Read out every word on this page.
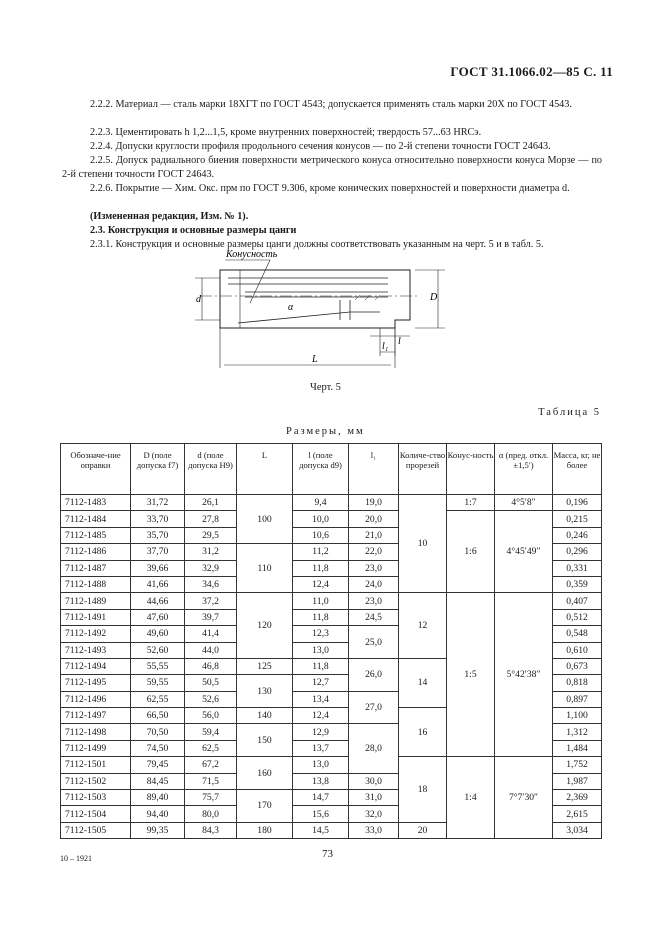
ГОСТ 31.1066.02—85 С. 11
2.2.2. Материал — сталь марки 18ХГТ по ГОСТ 4543; допускается применять сталь марки 20Х по ГОСТ 4543.
2.2.3. Цементировать h 1,2...1,5, кроме внутренних поверхностей; твердость 57...63 HRCэ.
2.2.4. Допуски круглости профиля продольного сечения конусов — по 2-й степени точности ГОСТ 24643.
2.2.5. Допуск радиального биения поверхности метрического конуса относительно поверхности конуса Морзе — по 2-й степени точности ГОСТ 24643.
2.2.6. Покрытие — Хим. Окс. прм по ГОСТ 9.306, кроме конических поверхностей и поверхности диаметра d.
(Измененная редакция, Изм. № 1).
2.3. Конструкция и основные размеры цанги
2.3.1. Конструкция и основные размеры цанги должны соответствовать указанным на черт. 5 и в табл. 5.
Конусность
d	D
α
l
l₁
L
Черт. 5
Таблица 5
Размеры, мм
Обозначе-ние оправки	D (поле допуска f7)	d (поле допуска H9)	L	l (поле допуска d9)	l₁	Количе-ство прорезей	Конус-ность	α (пред. откл. ±1,5′)	Масса, кг, не более
7112-1483	31,72	26,1	100	9,4	19,0	10	1:7	4°5′8″	0,196
7112-1484	33,70	27,8		10,0	20,0		1:6	4°45′49″	0,215
7112-1485	35,70	29,5		10,6	21,0				0,246
7112-1486	37,70	31,2	110	11,2	22,0				0,296
7112-1487	39,66	32,9		11,8	23,0				0,331
7112-1488	41,66	34,6		12,4	24,0				0,359
7112-1489	44,66	37,2	120	11,0	23,0	12	1:5	5°42′38″	0,407
7112-1491	47,60	39,7		11,8	24,5				0,512
7112-1492	49,60	41,4		12,3	25,0				0,548
7112-1493	52,60	44,0		13,0					0,610
7112-1494	55,55	46,8	125	11,8	26,0	14			0,673
7112-1495	59,55	50,5	130	12,7					0,818
7112-1496	62,55	52,6		13,4	27,0				0,897
7112-1497	66,50	56,0	140	12,4		16			1,100
7112-1498	70,50	59,4	150	12,9	28,0				1,312
7112-1499	74,50	62,5		13,7					1,484
7112-1501	79,45	67,2	160	13,0		18	1:4	7°7′30″	1,752
7112-1502	84,45	71,5		13,8	30,0				1,987
7112-1503	89,40	75,7	170	14,7	31,0				2,369
7112-1504	94,40	80,0		15,6	32,0				2,615
7112-1505	99,35	84,3	180	14,5	33,0	20			3,034
10 – 1921	73
